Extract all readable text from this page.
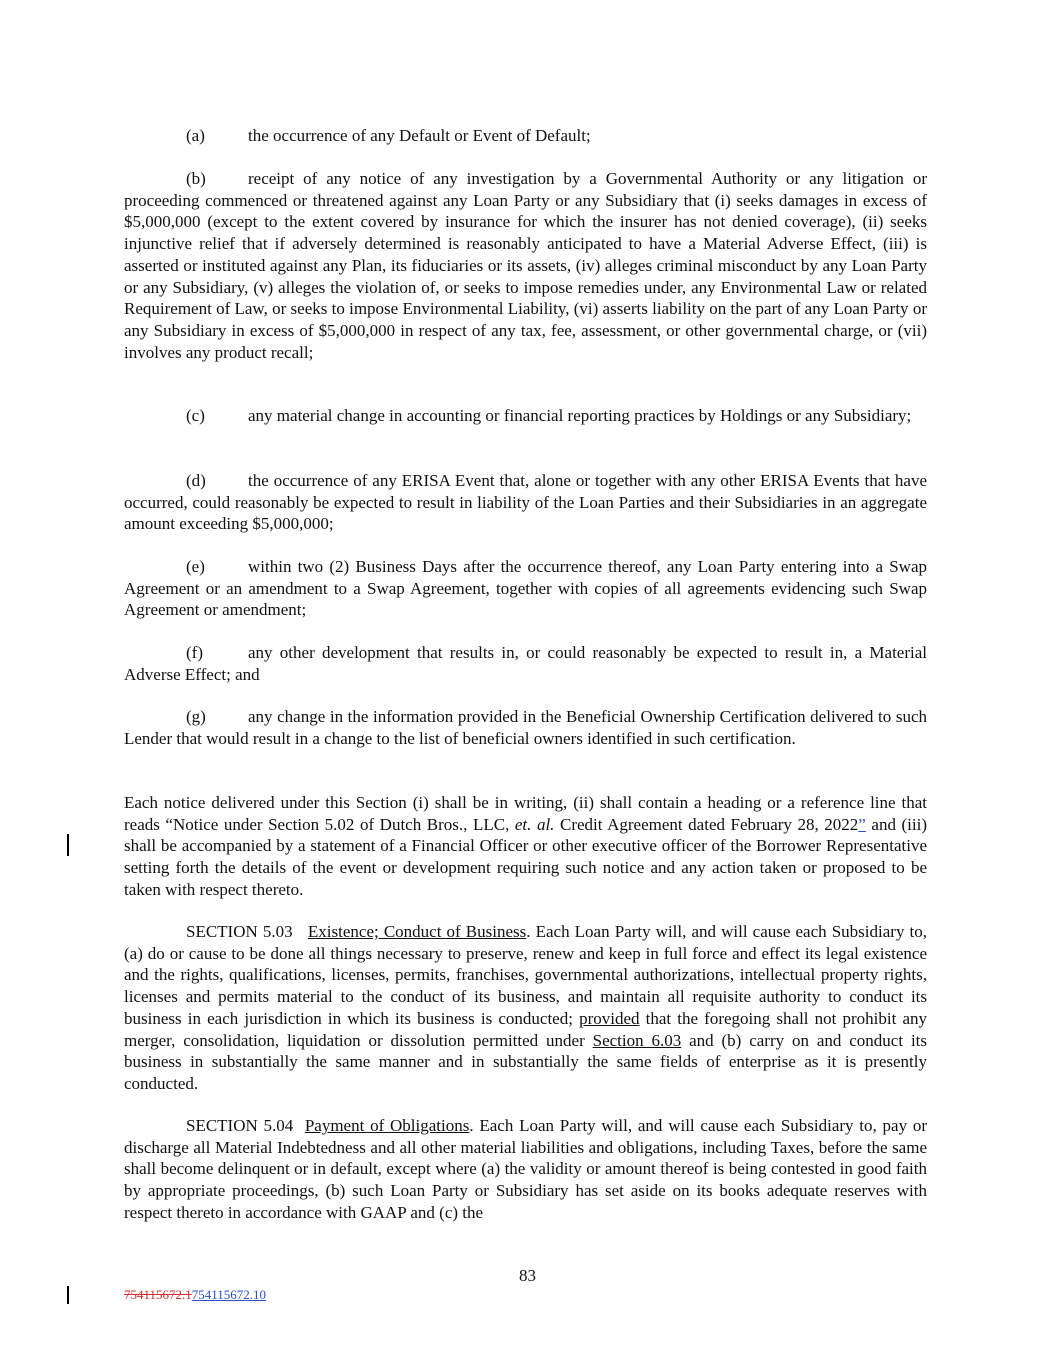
(a)	the occurrence of any Default or Event of Default;

(b) receipt of any notice of any investigation by a Governmental Authority or any litigation or proceeding commenced or threatened against any Loan Party or any Subsidiary that (i) seeks damages in excess of $5,000,000 (except to the extent covered by insurance for which the insurer has not denied coverage), (ii) seeks injunctive relief that if adversely determined is reasonably anticipated to have a Material Adverse Effect, (iii) is asserted or instituted against any Plan, its fiduciaries or its assets, (iv) alleges criminal misconduct by any Loan Party or any Subsidiary, (v) alleges the violation of, or seeks to impose remedies under, any Environmental Law or related Requirement of Law, or seeks to impose Environmental Liability, (vi) asserts liability on the part of any Loan Party or any Subsidiary in excess of $5,000,000 in respect of any tax, fee, assessment, or other governmental charge, or (vii) involves any product recall;

(c)	any material change in accounting or financial reporting practices by Holdings or any Subsidiary;

(d) the occurrence of any ERISA Event that, alone or together with any other ERISA Events that have occurred, could reasonably be expected to result in liability of the Loan Parties and their Subsidiaries in an aggregate amount exceeding $5,000,000;

(e)	within two (2) Business Days after the occurrence thereof, any Loan Party entering into a Swap Agreement or an amendment to a Swap Agreement, together with copies of all agreements evidencing such Swap Agreement or amendment;

(f)	any other development that results in, or could reasonably be expected to result in, a Material Adverse Effect; and

(g) any change in the information provided in the Beneficial Ownership Certification delivered to such Lender that would result in a change to the list of beneficial owners identified in such certification.

Each notice delivered under this Section (i) shall be in writing, (ii) shall contain a heading or a reference line that reads “Notice under Section 5.02 of Dutch Bros., LLC, et. al. Credit Agreement dated February 28, 2022” and (iii) shall be accompanied by a statement of a Financial Officer or other executive officer of the Borrower Representative setting forth the details of the event or development requiring such notice and any action taken or proposed to be taken with respect thereto.

SECTION 5.03 Existence; Conduct of Business. Each Loan Party will, and will cause each Subsidiary to, (a) do or cause to be done all things necessary to preserve, renew and keep in full force and effect its legal existence and the rights, qualifications, licenses, permits, franchises, governmental authorizations, intellectual property rights, licenses and permits material to the conduct of its business, and maintain all requisite authority to conduct its business in each jurisdiction in which its business is conducted; provided that the foregoing shall not prohibit any merger, consolidation, liquidation or dissolution permitted under Section 6.03 and (b) carry on and conduct its business in substantially the same manner and in substantially the same fields of enterprise as it is presently conducted.

SECTION 5.04 Payment of Obligations. Each Loan Party will, and will cause each Subsidiary to, pay or discharge all Material Indebtedness and all other material liabilities and obligations, including Taxes, before the same shall become delinquent or in default, except where (a) the validity or amount thereof is being contested in good faith by appropriate proceedings, (b) such Loan Party or Subsidiary has set aside on its books adequate reserves with respect thereto in accordance with GAAP and (c) the

83
754115672.1754115672.10
